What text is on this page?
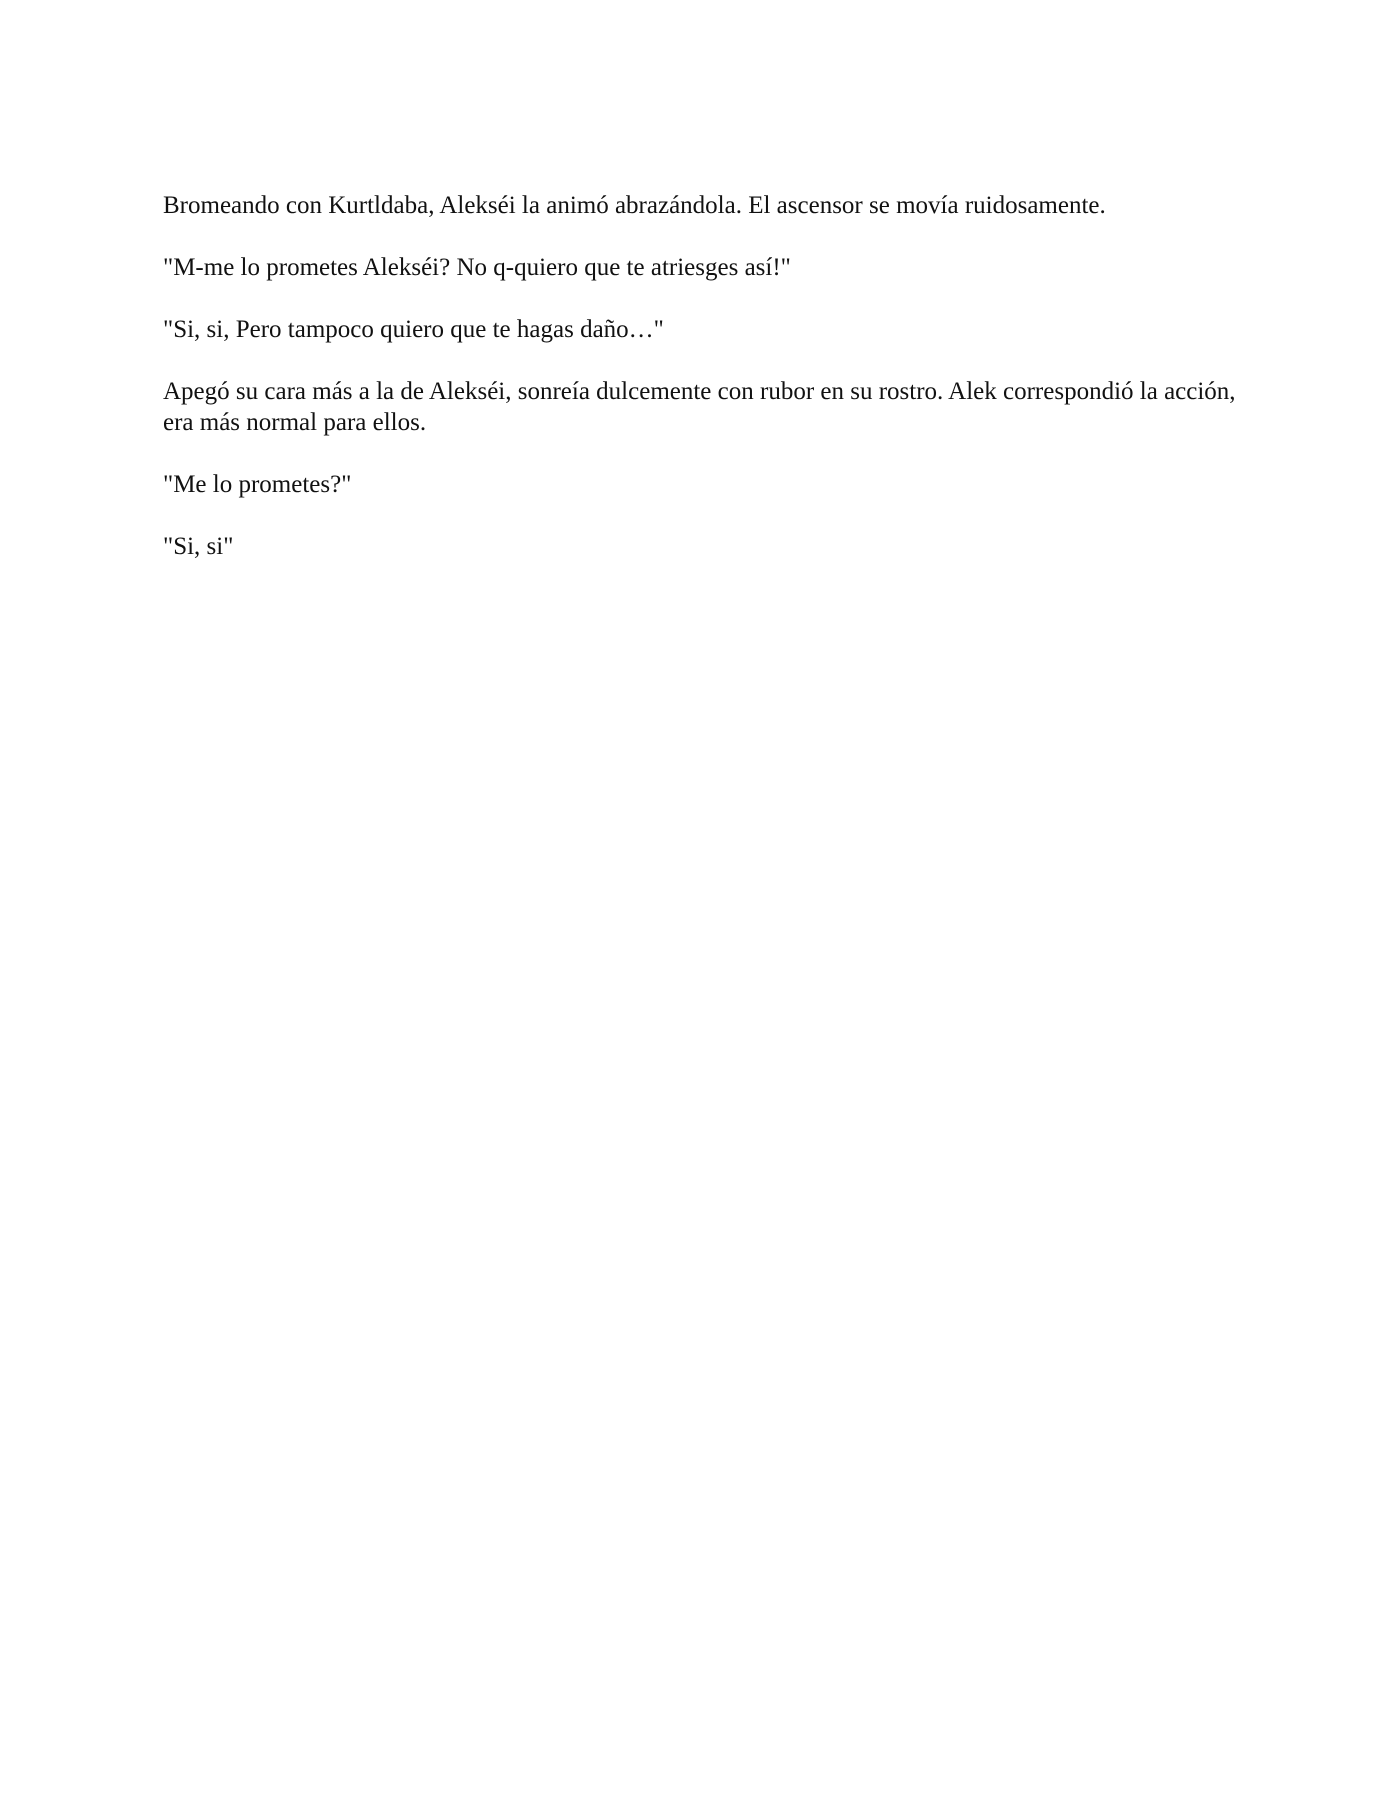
Bromeando con Kurtldaba, Alekséi la animó abrazándola. El ascensor se movía ruidosamente.

"M-me lo prometes Alekséi? No q-quiero que te atriesges así!"

"Si, si, Pero tampoco quiero que te hagas daño…"

Apegó su cara más a la de Alekséi, sonreía dulcemente con rubor en su rostro. Alek correspondió la acción, era más normal para ellos.

"Me lo prometes?"

"Si, si"
